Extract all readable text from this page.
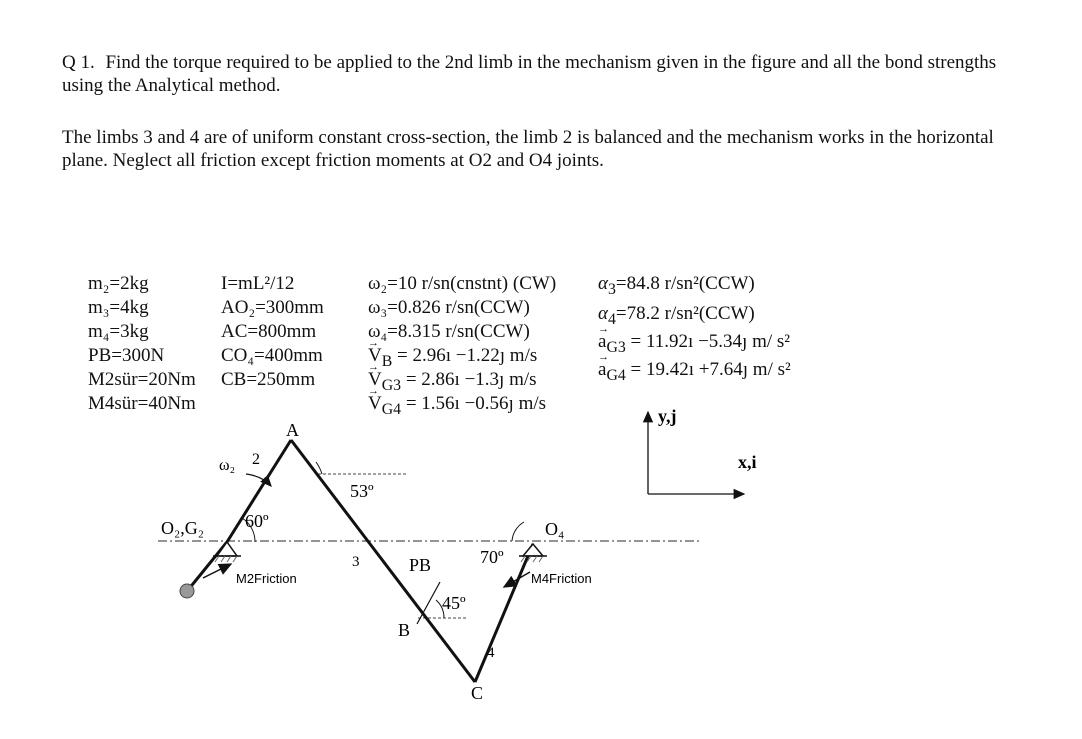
Q 1. Find the torque required to be applied to the 2nd limb in the mechanism given in the figure and all the bond strengths using the Analytical method.
The limbs 3 and 4 are of uniform constant cross-section, the limb 2 is balanced and the mechanism works in the horizontal plane. Neglect all friction except friction moments at O2 and O4 joints.
m₂=2kg
m₃=4kg
m₄=3kg
PΒ=300N
M2sür=20Nm
M4sür=40Nm
I=mL²/12
AO₂=300mm
AC=800mm
CO₄=400mm
CB=250mm
ω₂=10 r/sn(cnstnt) (CW)
ω₃=0.826 r/sn(CCW)
ω₄=8.315 r/sn(CCW)
→ $V_B$ = 2.96ı −1.22ȷ m/s
→ $V_{G3}$ = 2.86ı −1.3ȷ m/s
→ $V_{G4}$ = 1.56ı −0.56ȷ m/s
$\alpha_3=84.8$ r/sn²(CCW)
$\alpha_4=78.2$ r/sn²(CCW)
→ $a_{G3}$ = 11.92ı −5.34ȷ m/ s²
→ $a_{G4}$ = 19.42ı +7.64ȷ m/ s²
A
B
C
O₂,G₂	O₄
ω₂ 2
3
4
60º
53º
70º
45º
PΒ
M2Friction	M4Friction
y,j
x,i
